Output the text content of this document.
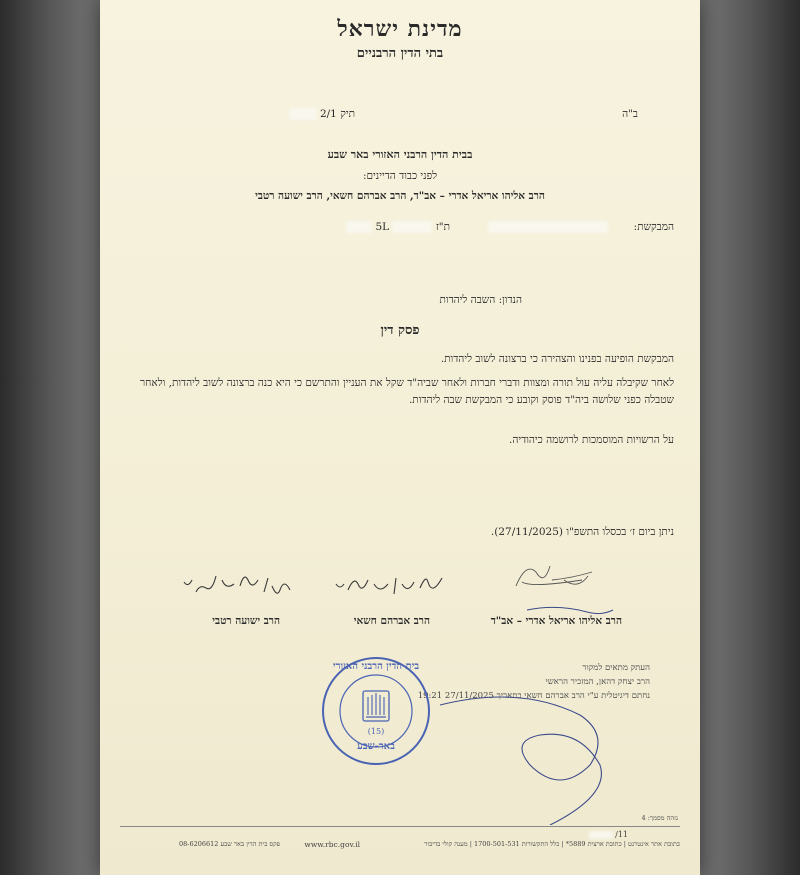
מדינת ישראל
בתי הדין הרבניים
ב"ה
תיק 2/1
בבית הדין הרבני האזורי באר שבע
לפני כבוד הדיינים:
הרב אליהו אריאל אדרי – אב"ד, הרב אברהם חשאי, הרב ישועה רטבי
המבקשת:
ת"ז  5L
הנדון: השבה ליהדות
פסק דין
המבקשת הופיעה בפנינו והצהירה כי ברצונה לשוב ליהדות.
לאחר שקיבלה עליה עול תורה ומצוות ודברי חברות ולאחר שביה"ד שקל את העניין והתרשם כי היא כנה ברצונה לשוב ליהדות, ולאחר שטבלה כפני שלושה ביה"ד פוסק וקובע כי המבקשת שבה ליהדות.
על הרשויות המוסמכות לרושמה כיהודיה.
ניתן ביום ז׳ בכסלו התשפ"ו (27/11/2025).
הרב אליהו אריאל אדרי – אב"ד
הרב אברהם חשאי
הרב ישועה רטבי
העתק מתאים למקור
הרב יצחק דהאן, המזכיר הראשי
נחתם דיגיטלית ע"י הרב אברהם חשאי בתאריך 27/11/2025 19:21
בית הדין הרבני האזורי
(15)
באר-שבע
נזהה מסמך: 4
11/
כתובת אתר אינטרנט | כתובת ארצית 5889* | כלל התקשורות 1700-501-531 | מענה קולי בדיבור
www.rbc.gov.il
פקס בית הדין באר שבע 08-6206612
